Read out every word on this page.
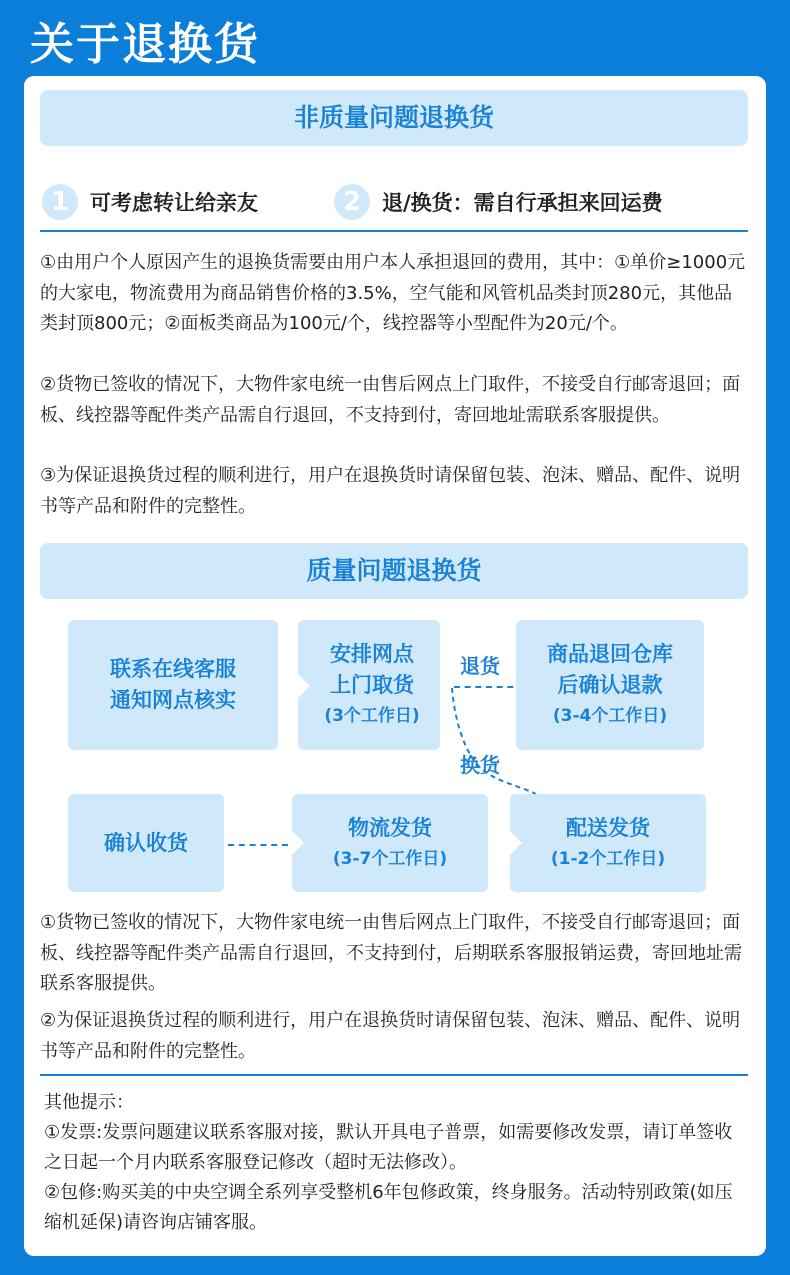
关于退换货
非质量问题退换货
1 可考虑转让给亲友	2 退/换货：需自行承担来回运费

①由用户个人原因产生的退换货需要由用户本人承担退回的费用，其中：①单价≥1000元的大家电，物流费用为商品销售价格的3.5%，空气能和风管机品类封顶280元，其他品类封顶800元；②面板类商品为100元/个，线控器等小型配件为20元/个。

②货物已签收的情况下，大物件家电统一由售后网点上门取件，不接受自行邮寄退回；面板、线控器等配件类产品需自行退回，不支持到付，寄回地址需联系客服提供。

③为保证退换货过程的顺利进行，用户在退换货时请保留包装、泡沫、赠品、配件、说明书等产品和附件的完整性。

质量问题退换货
联系在线客服
通知网点核实
安排网点
上门取货
(3个工作日)
退货 商品退回仓库
后确认退款
(3-4个工作日)
换货
确认收货
物流发货
(3-7个工作日)
配送发货
(1-2个工作日)

①货物已签收的情况下，大物件家电统一由售后网点上门取件，不接受自行邮寄退回；面板、线控器等配件类产品需自行退回，不支持到付，后期联系客服报销运费，寄回地址需联系客服提供。

②为保证退换货过程的顺利进行，用户在退换货时请保留包装、泡沫、赠品、配件、说明书等产品和附件的完整性。

其他提示：

①发票:发票问题建议联系客服对接，默认开具电子普票，如需要修改发票，请订单签收之日起一个月内联系客服登记修改（超时无法修改）。

②包修:购买美的中央空调全系列享受整机6年包修政策，终身服务。活动特别政策(如压缩机延保)请咨询店铺客服。
